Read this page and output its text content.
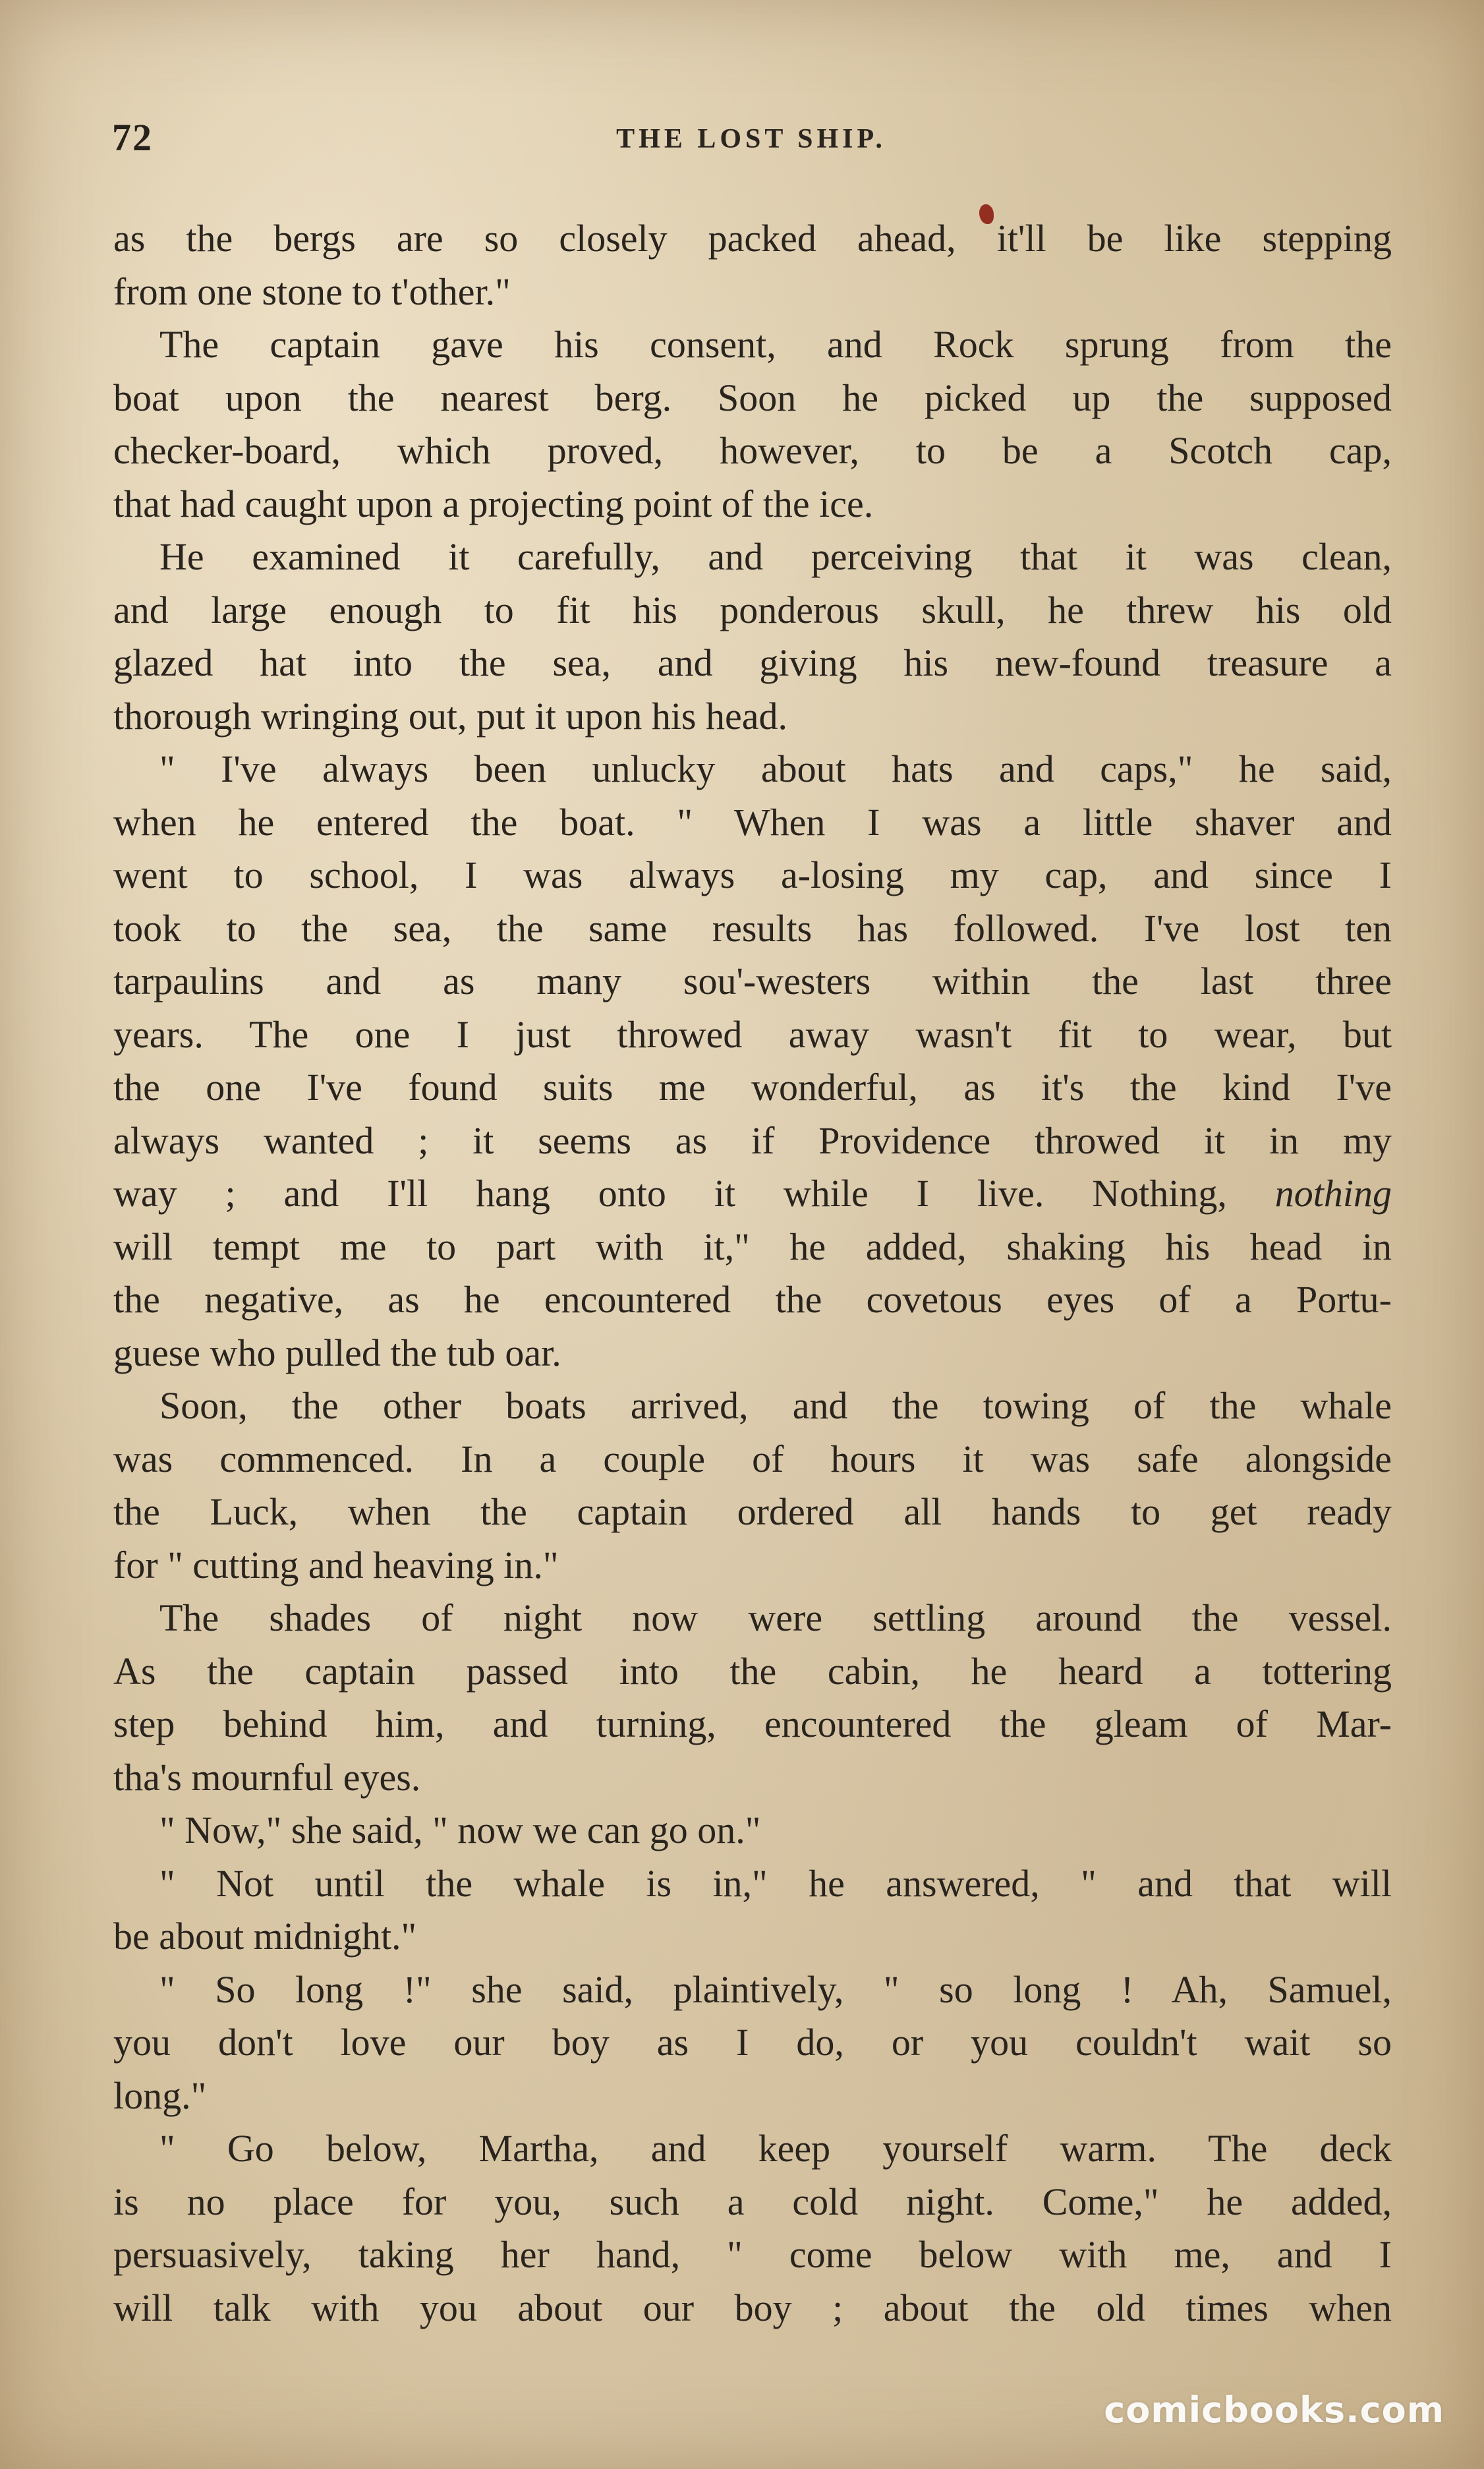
72	THE LOST SHIP.

as the bergs are so closely packed ahead, it'll be like stepping

from one stone to t'other."

The captain gave his consent, and Rock sprung from the

boat upon the nearest berg. Soon he picked up the supposed

checker-board, which proved, however, to be a Scotch cap,

that had caught upon a projecting point of the ice.

He examined it carefully, and perceiving that it was clean,

and large enough to fit his ponderous skull, he threw his old

glazed hat into the sea, and giving his new-found treasure a

thorough wringing out, put it upon his head.

" I've always been unlucky about hats and caps," he said,

when he entered the boat. " When I was a little shaver and

went to school, I was always a-losing my cap, and since I

took to the sea, the same results has followed. I've lost ten

tarpaulins and as many sou'-westers within the last three

years. The one I just throwed away wasn't fit to wear, but

the one I've found suits me wonderful, as it's the kind I've

always wanted ; it seems as if Providence throwed it in my

way ; and I'll hang onto it while I live. Nothing, nothing

will tempt me to part with it," he added, shaking his head in

the negative, as he encountered the covetous eyes of a Portu-

guese who pulled the tub oar.

Soon, the other boats arrived, and the towing of the whale

was commenced. In a couple of hours it was safe alongside

the Luck, when the captain ordered all hands to get ready

for " cutting and heaving in."

The shades of night now were settling around the vessel.

As the captain passed into the cabin, he heard a tottering

step behind him, and turning, encountered the gleam of Mar-

tha's mournful eyes.

" Now," she said, " now we can go on."

" Not until the whale is in," he answered, " and that will

be about midnight."

" So long !" she said, plaintively, " so long ! Ah, Samuel,

you don't love our boy as I do, or you couldn't wait so

long."

" Go below, Martha, and keep yourself warm. The deck

is no place for you, such a cold night. Come," he added,

persuasively, taking her hand, " come below with me, and I

will talk with you about our boy ; about the old times when

comicbooks.com
